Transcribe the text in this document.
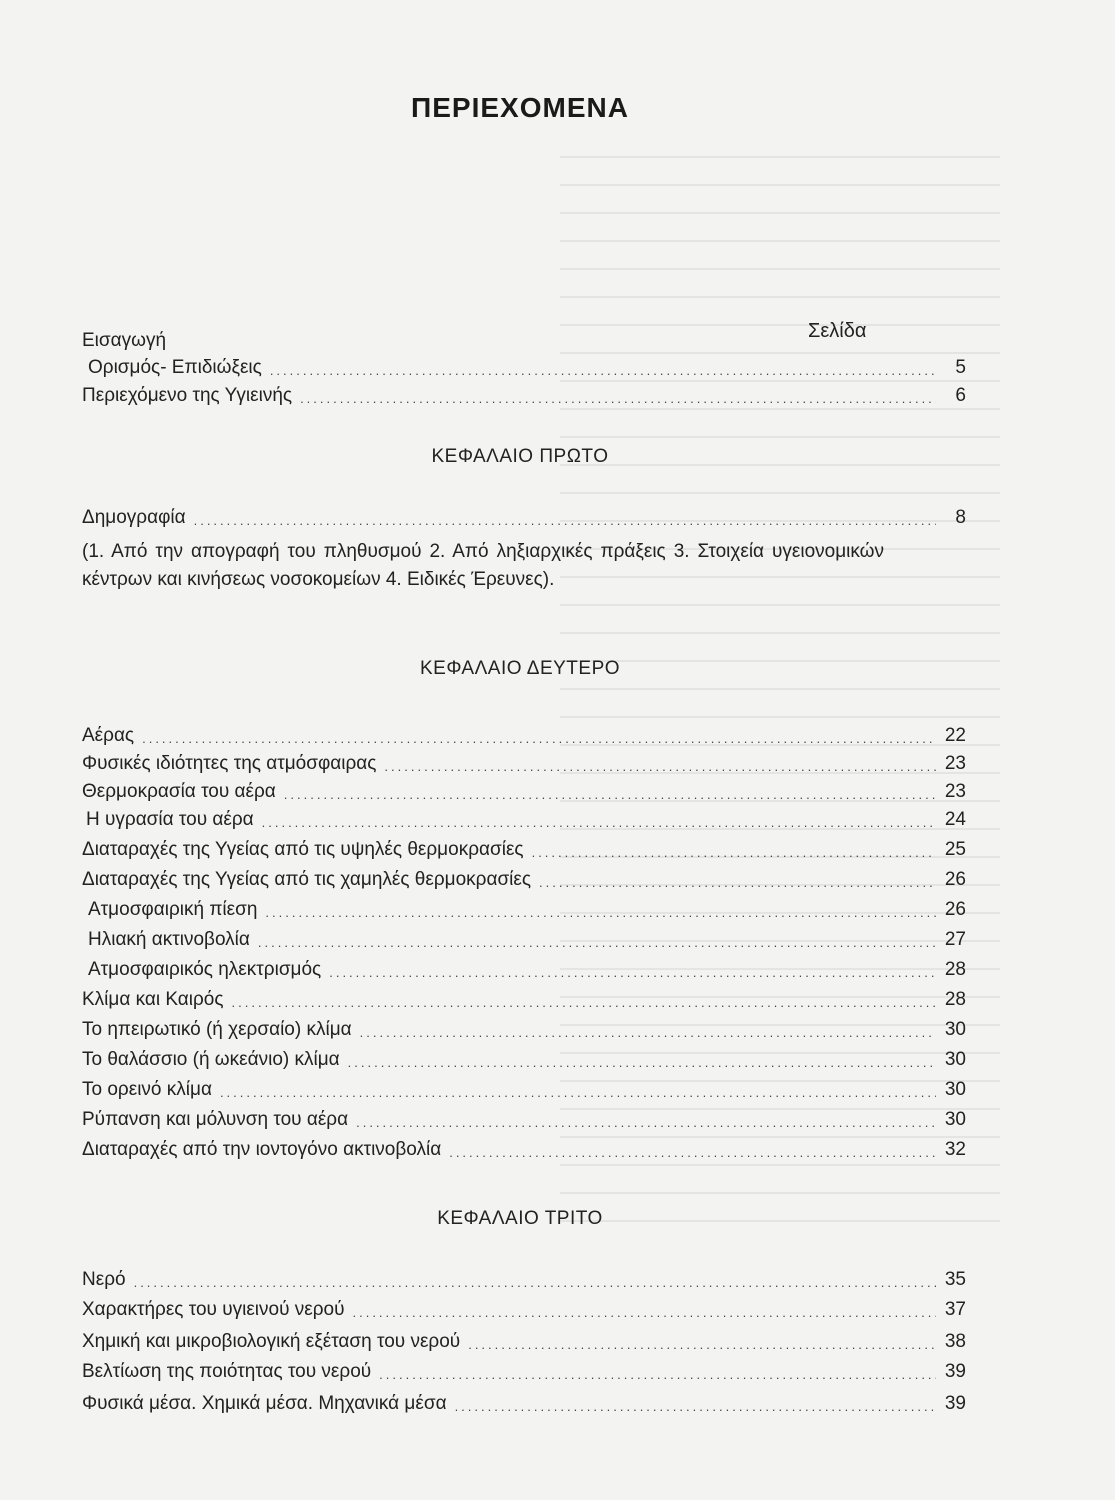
ΠΕΡΙΕΧΟΜΕΝΑ
Σελίδα
Εισαγωγή
Ορισμός- Επιδιώξεις .....	5
Περιεχόμενο της Υγιεινής .....	6
ΚΕΦΑΛΑΙΟ ΠΡΩΤΟ
Δημογραφία .....	8
(1. Από την απογραφή του πληθυσμού 2. Από ληξιαρχικές πράξεις 3. Στοιχεία υγειονομικών κέντρων και κινήσεως νοσοκομείων 4. Ειδικές Έρευνες).
ΚΕΦΑΛΑΙΟ ΔΕΥΤΕΡΟ
Αέρας .....	22
Φυσικές ιδιότητες της ατμόσφαιρας .....	23
Θερμοκρασία του αέρα .....	23
Η υγρασία του αέρα .....	24
Διαταραχές της Υγείας από τις υψηλές θερμοκρασίες .....	25
Διαταραχές της Υγείας από τις χαμηλές θερμοκρασίες .....	26
Ατμοσφαιρική πίεση .....	26
Ηλιακή ακτινοβολία .....	27
Ατμοσφαιρικός ηλεκτρισμός .....	28
Κλίμα και Καιρός .....	28
Το ηπειρωτικό (ή χερσαίο) κλίμα .....	30
Το θαλάσσιο (ή ωκεάνιο) κλίμα .....	30
Το ορεινό κλίμα .....	30
Ρύπανση και μόλυνση του αέρα .....	30
Διαταραχές από την ιοντογόνο ακτινοβολία .....	32
ΚΕΦΑΛΑΙΟ ΤΡΙΤΟ
Νερό .....	35
Χαρακτήρες του υγιεινού νερού .....	37
Χημική και μικροβιολογική εξέταση του νερού .....	38
Βελτίωση της ποιότητας του νερού .....	39
Φυσικά μέσα. Χημικά μέσα. Μηχανικά μέσα .....	39
